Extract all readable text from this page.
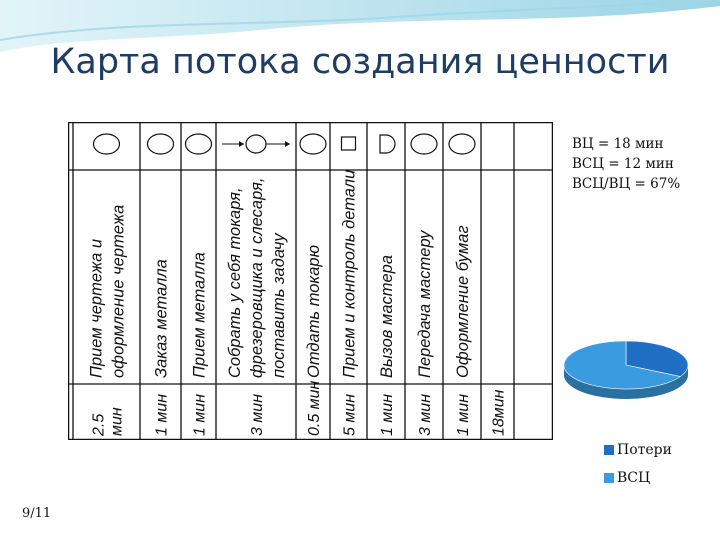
Карта потока создания ценности
Прием чертежа и оформление чертежа
2.5 мин
Заказ металла
1 мин
Прием металла
1 мин
Собрать у себя токаря, фрезеровщика и слесаря, поставить задачу
3 мин
Отдать токарю
0.5 мин
Прием и контроль детали
5 мин
Вызов мастера
1 мин
Передача мастеру
3 мин
Оформление бумаг
1 мин 18мин
ВЦ = 18 мин
ВСЦ = 12 мин
ВСЦ/ВЦ = 67%
Потери
ВСЦ
9/11
